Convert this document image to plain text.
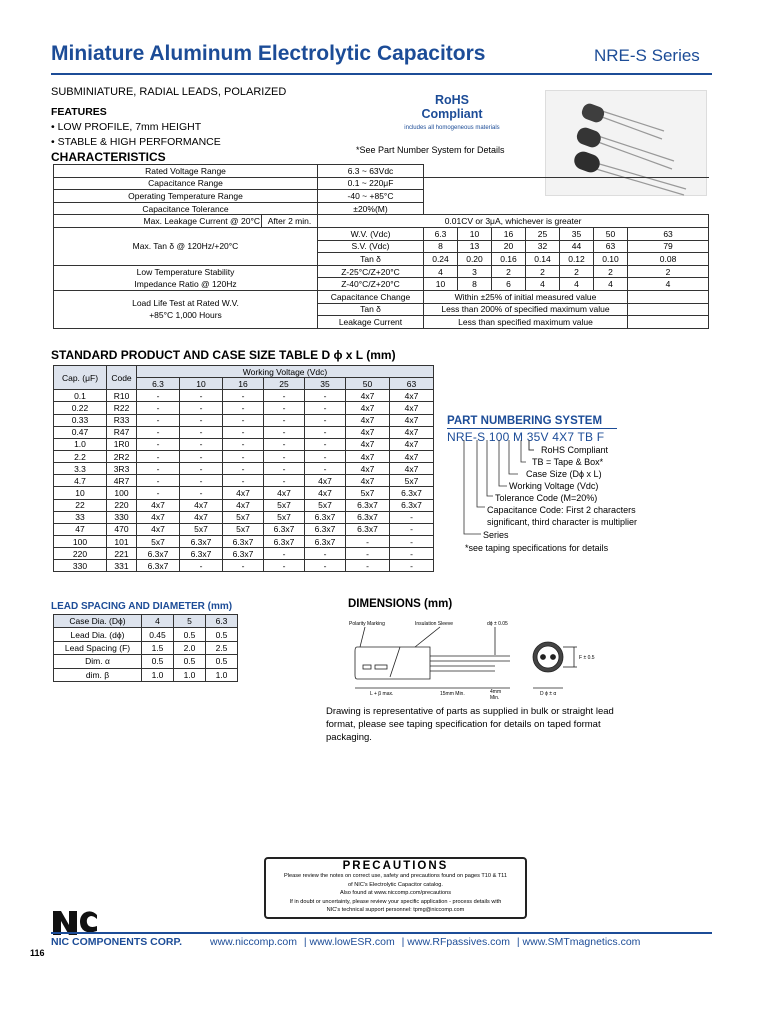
Miniature Aluminum Electrolytic Capacitors	NRE-S Series
SUBMINIATURE, RADIAL LEADS, POLARIZED
FEATURES
• LOW PROFILE, 7mm HEIGHT
• STABLE & HIGH PERFORMANCE
CHARACTERISTICS
RoHS
Compliant
includes all homogeneous materials
*See Part Number System for Details
Rated Voltage Range		6.3 ~ 63Vdc							
Capacitance Range		0.1 ~ 220μF							
Operating Temperature Range		-40 ~ +85°C							
Capacitance Tolerance		±20%(M)							
Max. Leakage Current @ 20°C	After 2 min.	0.01CV or 3μA, whichever is greater							
Max. Tan δ @ 120Hz/+20°C		W.V. (Vdc)	6.3	10	16	25	35	50	63
		S.V. (Vdc)	8	13	20	32	44	63	79
		Tan δ	0.24	0.20	0.16	0.14	0.12	0.10	0.08
Low Temperature Stability
Impedance Ratio @ 120Hz		Z-25°C/Z+20°C	4	3	2	2	2	2	2
		Z-40°C/Z+20°C	10	8	6	4	4	4	4
Load Life Test at Rated W.V.
+85°C 1,000 Hours		Capacitance Change	Within ±25% of initial measured value						
		Tan δ	Less than 200% of specified maximum value						
		Leakage Current	Less than specified maximum value						
STANDARD PRODUCT AND CASE SIZE TABLE D ϕ x L (mm)
Cap. (μF)	Code	Working Voltage (Vdc)						
		6.3	10	16	25	35	50	63
0.1	R10	-	-	-	-	-	4x7	4x7
0.22	R22	-	-	-	-	-	4x7	4x7
0.33	R33	-	-	-	-	-	4x7	4x7
0.47	R47	-	-	-	-	-	4x7	4x7
1.0	1R0	-	-	-	-	-	4x7	4x7
2.2	2R2	-	-	-	-	-	4x7	4x7
3.3	3R3	-	-	-	-	-	4x7	4x7
4.7	4R7	-	-	-	-	4x7	4x7	5x7
10	100	-	-	4x7	4x7	4x7	5x7	6.3x7
22	220	4x7	4x7	4x7	5x7	5x7	6.3x7	6.3x7
33	330	4x7	4x7	5x7	5x7	6.3x7	6.3x7	-
47	470	4x7	5x7	5x7	6.3x7	6.3x7	6.3x7	-
100	101	5x7	6.3x7	6.3x7	6.3x7	6.3x7	-	-
220	221	6.3x7	6.3x7	6.3x7	-	-	-	-
330	331	6.3x7	-	-	-	-	-	-
PART NUMBERING SYSTEM
NRE-S 100 M 35V 4X7 TB F
RoHS Compliant
TB = Tape & Box*
Case Size (Dϕ x L)
Working Voltage (Vdc)
Tolerance Code (M=20%)
Capacitance Code: First 2 characters
significant, third character is multiplier
Series
*see taping specifications for details
LEAD SPACING AND DIAMETER (mm)
Case Dia. (Dϕ)	4	5	6.3
Lead Dia. (dϕ)	0.45	0.5	0.5
Lead Spacing (F)	1.5	2.0	2.5
Dim. α	0.5	0.5	0.5
dim. β	1.0	1.0	1.0
DIMENSIONS (mm)
Polarity Marking	Insulation Sleeve	dϕ ± 0.05
F ± 0.5
L + β max.	15mm Min.	4mm
Min.
D ϕ ± α
Drawing is representative of parts as supplied in bulk or straight lead format, please see taping specification for details on taped format packaging.
PRECAUTIONS
Please review the notes on correct use, safety and precautions found on pages T10 & T11
of NIC's Electrolytic Capacitor catalog.
Also found at www.niccomp.com/precautions
If in doubt or uncertainty, please review your specific application - process details with
NIC's technical support personnel: tpmg@niccomp.com
NIC COMPONENTS CORP.	www.niccomp.com | www.lowESR.com | www.RFpassives.com | www.SMTmagnetics.com
116
